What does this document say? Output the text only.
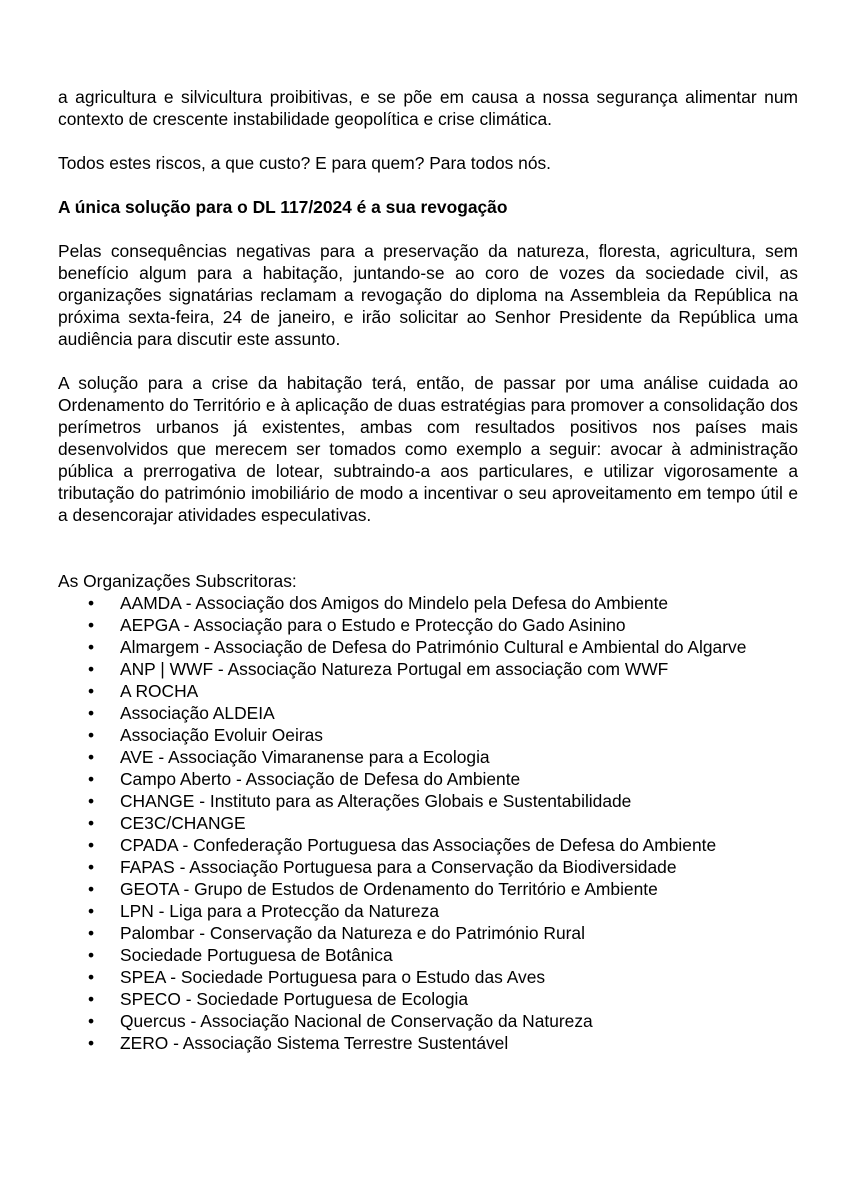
a agricultura e silvicultura proibitivas, e se põe em causa a nossa segurança alimentar num contexto de crescente instabilidade geopolítica e crise climática.

Todos estes riscos, a que custo? E para quem? Para todos nós.

A única solução para o DL 117/2024 é a sua revogação

Pelas consequências negativas para a preservação da natureza, floresta, agricultura, sem benefício algum para a habitação, juntando-se ao coro de vozes da sociedade civil, as organizações signatárias reclamam a revogação do diploma na Assembleia da República na próxima sexta-feira, 24 de janeiro, e irão solicitar ao Senhor Presidente da República uma audiência para discutir este assunto.

A solução para a crise da habitação terá, então, de passar por uma análise cuidada ao Ordenamento do Território e à aplicação de duas estratégias para promover a consolidação dos perímetros urbanos já existentes, ambas com resultados positivos nos países mais desenvolvidos que merecem ser tomados como exemplo a seguir: avocar à administração pública a prerrogativa de lotear, subtraindo-a aos particulares, e utilizar vigorosamente a tributação do património imobiliário de modo a incentivar o seu aproveitamento em tempo útil e a desencorajar atividades especulativas.

As Organizações Subscritoras:
• AAMDA - Associação dos Amigos do Mindelo pela Defesa do Ambiente
• AEPGA - Associação para o Estudo e Protecção do Gado Asinino
• Almargem - Associação de Defesa do Património Cultural e Ambiental do Algarve
• ANP | WWF - Associação Natureza Portugal em associação com WWF
• A ROCHA
• Associação ALDEIA
• Associação Evoluir Oeiras
• AVE - Associação Vimaranense para a Ecologia
• Campo Aberto - Associação de Defesa do Ambiente
• CHANGE - Instituto para as Alterações Globais e Sustentabilidade
• CE3C/CHANGE
• CPADA - Confederação Portuguesa das Associações de Defesa do Ambiente
• FAPAS - Associação Portuguesa para a Conservação da Biodiversidade
• GEOTA - Grupo de Estudos de Ordenamento do Território e Ambiente
• LPN - Liga para a Protecção da Natureza
• Palombar - Conservação da Natureza e do Património Rural
• Sociedade Portuguesa de Botânica
• SPEA - Sociedade Portuguesa para o Estudo das Aves
• SPECO - Sociedade Portuguesa de Ecologia
• Quercus - Associação Nacional de Conservação da Natureza
• ZERO - Associação Sistema Terrestre Sustentável
